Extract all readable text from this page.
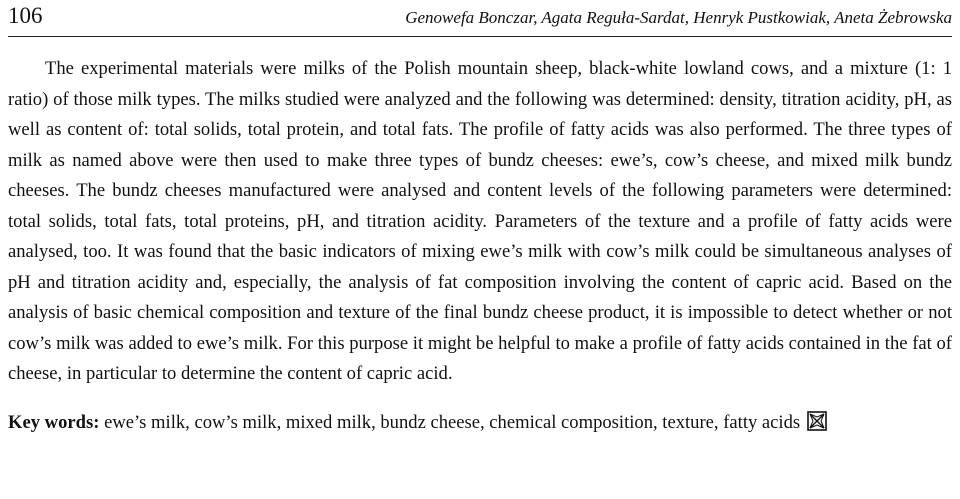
106	Genowefa Bonczar, Agata Reguła-Sardat, Henryk Pustkowiak, Aneta Żebrowska

The experimental materials were milks of the Polish mountain sheep, black-white lowland cows, and a mixture (1: 1 ratio) of those milk types. The milks studied were analyzed and the following was determined: density, titration acidity, pH, as well as content of: total solids, total protein, and total fats. The profile of fatty acids was also performed. The three types of milk as named above were then used to make three types of bundz cheeses: ewe’s, cow’s cheese, and mixed milk bundz cheeses. The bundz cheeses manufactured were analysed and content levels of the following parameters were determined: total solids, total fats, total proteins, pH, and titration acidity. Parameters of the texture and a profile of fatty acids were analysed, too. It was found that the basic indicators of mixing ewe’s milk with cow’s milk could be simultaneous analyses of pH and titration acidity and, especially, the analysis of fat composition involving the content of capric acid. Based on the analysis of basic chemical composition and texture of the final bundz cheese product, it is impossible to detect whether or not cow’s milk was added to ewe’s milk. For this purpose it might be helpful to make a profile of fatty acids contained in the fat of cheese, in particular to determine the content of capric acid.

Key words: ewe’s milk, cow’s milk, mixed milk, bundz cheese, chemical composition, texture, fatty acids
